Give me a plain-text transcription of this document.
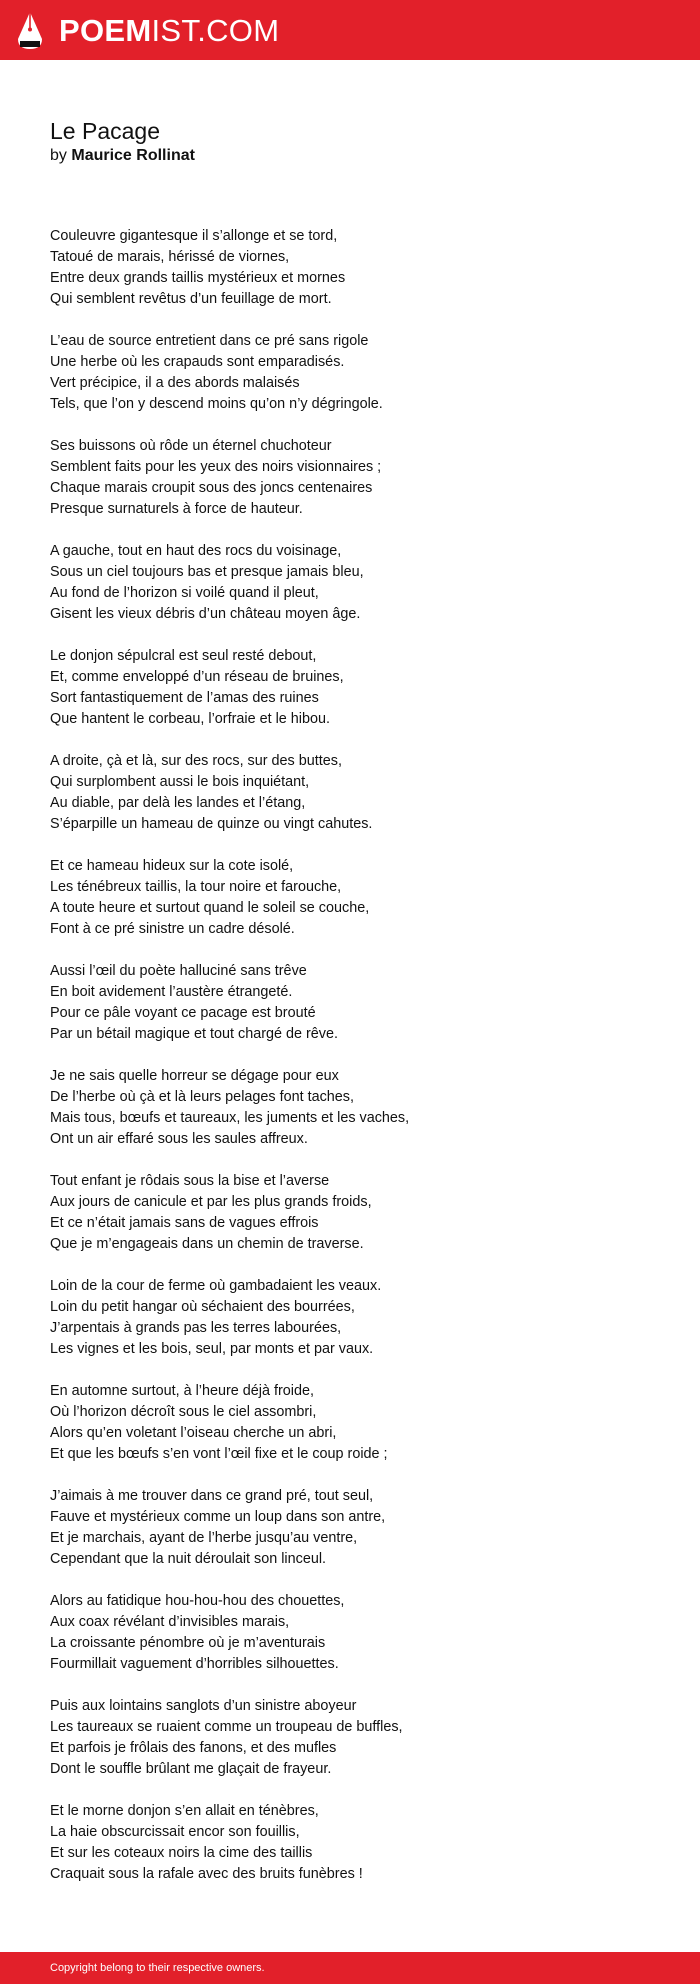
POEMIST.COM
Le Pacage
by Maurice Rollinat
Couleuvre gigantesque il s’allonge et se tord,
Tatoué de marais, hérissé de viornes,
Entre deux grands taillis mystérieux et mornes
Qui semblent revêtus d’un feuillage de mort.
L’eau de source entretient dans ce pré sans rigole
Une herbe où les crapauds sont emparadisés.
Vert précipice, il a des abords malaisés
Tels, que l’on y descend moins qu’on n’y dégringole.
Ses buissons où rôde un éternel chuchoteur
Semblent faits pour les yeux des noirs visionnaires ;
Chaque marais croupit sous des joncs centenaires
Presque surnaturels à force de hauteur.
A gauche, tout en haut des rocs du voisinage,
Sous un ciel toujours bas et presque jamais bleu,
Au fond de l’horizon si voilé quand il pleut,
Gisent les vieux débris d’un château moyen âge.
Le donjon sépulcral est seul resté debout,
Et, comme enveloppé d’un réseau de bruines,
Sort fantastiquement de l’amas des ruines
Que hantent le corbeau, l’orfraie et le hibou.
A droite, çà et là, sur des rocs, sur des buttes,
Qui surplombent aussi le bois inquiétant,
Au diable, par delà les landes et l’étang,
S’éparpille un hameau de quinze ou vingt cahutes.
Et ce hameau hideux sur la cote isolé,
Les ténébreux taillis, la tour noire et farouche,
A toute heure et surtout quand le soleil se couche,
Font à ce pré sinistre un cadre désolé.
Aussi l’œil du poète halluciné sans trêve
En boit avidement l’austère étrangeté.
Pour ce pâle voyant ce pacage est brouté
Par un bétail magique et tout chargé de rêve.
Je ne sais quelle horreur se dégage pour eux
De l’herbe où çà et là leurs pelages font taches,
Mais tous, bœufs et taureaux, les juments et les vaches,
Ont un air effaré sous les saules affreux.
Tout enfant je rôdais sous la bise et l’averse
Aux jours de canicule et par les plus grands froids,
Et ce n’était jamais sans de vagues effrois
Que je m’engageais dans un chemin de traverse.
Loin de la cour de ferme où gambadaient les veaux.
Loin du petit hangar où séchaient des bourrées,
J’arpentais à grands pas les terres labourées,
Les vignes et les bois, seul, par monts et par vaux.
En automne surtout, à l’heure déjà froide,
Où l’horizon décroît sous le ciel assombri,
Alors qu’en voletant l’oiseau cherche un abri,
Et que les bœufs s’en vont l’œil fixe et le coup roide ;
J’aimais à me trouver dans ce grand pré, tout seul,
Fauve et mystérieux comme un loup dans son antre,
Et je marchais, ayant de l’herbe jusqu’au ventre,
Cependant que la nuit déroulait son linceul.
Alors au fatidique hou-hou-hou des chouettes,
Aux coax révélant d’invisibles marais,
La croissante pénombre où je m’aventurais
Fourmillait vaguement d’horribles silhouettes.
Puis aux lointains sanglots d’un sinistre aboyeur
Les taureaux se ruaient comme un troupeau de buffles,
Et parfois je frôlais des fanons, et des mufles
Dont le souffle brûlant me glaçait de frayeur.
Et le morne donjon s’en allait en ténèbres,
La haie obscurcissait encor son fouillis,
Et sur les coteaux noirs la cime des taillis
Craquait sous la rafale avec des bruits funèbres !
Copyright belong to their respective owners.
